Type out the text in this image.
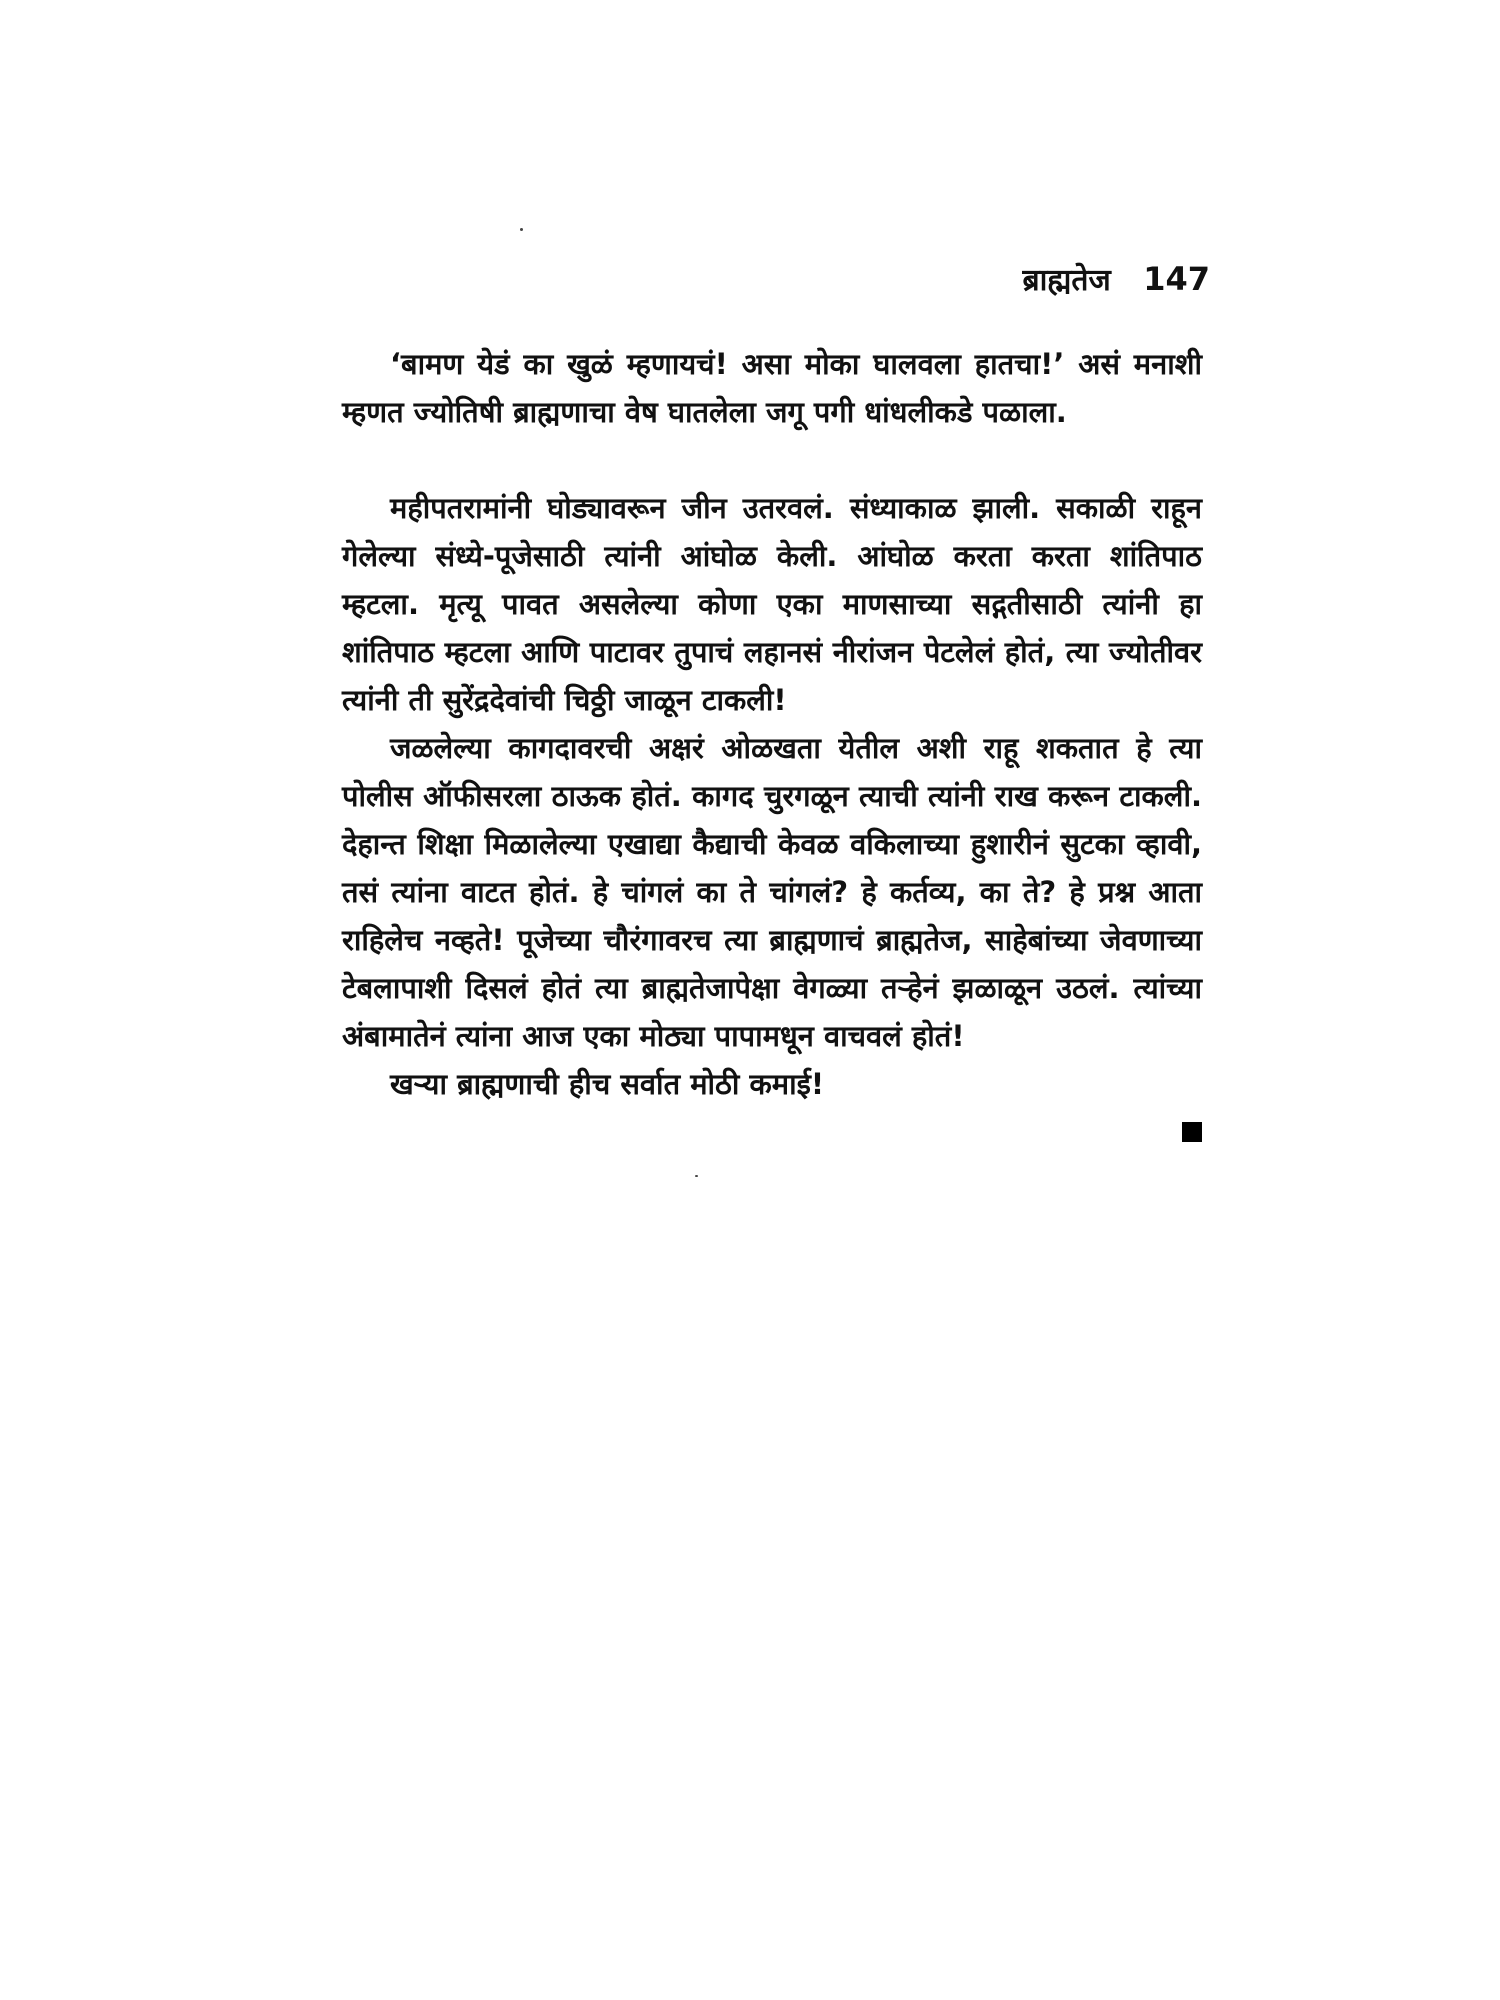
ब्राह्मतेज 147

‘बामण येडं का खुळं म्हणायचं! असा मोका घालवला हातचा!’ असं मनाशी म्हणत ज्योतिषी ब्राह्मणाचा वेष घातलेला जगू पगी धांधलीकडे पळाला.

महीपतरामांनी घोड्यावरून जीन उतरवलं. संध्याकाळ झाली. सकाळी राहून गेलेल्या संध्ये-पूजेसाठी त्यांनी आंघोळ केली. आंघोळ करता करता शांतिपाठ म्हटला. मृत्यू पावत असलेल्या कोणा एका माणसाच्या सद्गतीसाठी त्यांनी हा शांतिपाठ म्हटला आणि पाटावर तुपाचं लहानसं नीरांजन पेटलेलं होतं, त्या ज्योतीवर त्यांनी ती सुरेंद्रदेवांची चिठ्ठी जाळून टाकली!

जळलेल्या कागदावरची अक्षरं ओळखता येतील अशी राहू शकतात हे त्या पोलीस ऑफीसरला ठाऊक होतं. कागद चुरगळून त्याची त्यांनी राख करून टाकली. देहान्त शिक्षा मिळालेल्या एखाद्या कैद्याची केवळ वकिलाच्या हुशारीनं सुटका व्हावी, तसं त्यांना वाटत होतं. हे चांगलं का ते चांगलं? हे कर्तव्य, का ते? हे प्रश्न आता राहिलेच नव्हते! पूजेच्या चौरंगावरच त्या ब्राह्मणाचं ब्राह्मतेज, साहेबांच्या जेवणाच्या टेबलापाशी दिसलं होतं त्या ब्राह्मतेजापेक्षा वेगळ्या तऱ्हेनं झळाळून उठलं. त्यांच्या अंबामातेनं त्यांना आज एका मोठ्या पापामधून वाचवलं होतं!

खऱ्या ब्राह्मणाची हीच सर्वात मोठी कमाई!
